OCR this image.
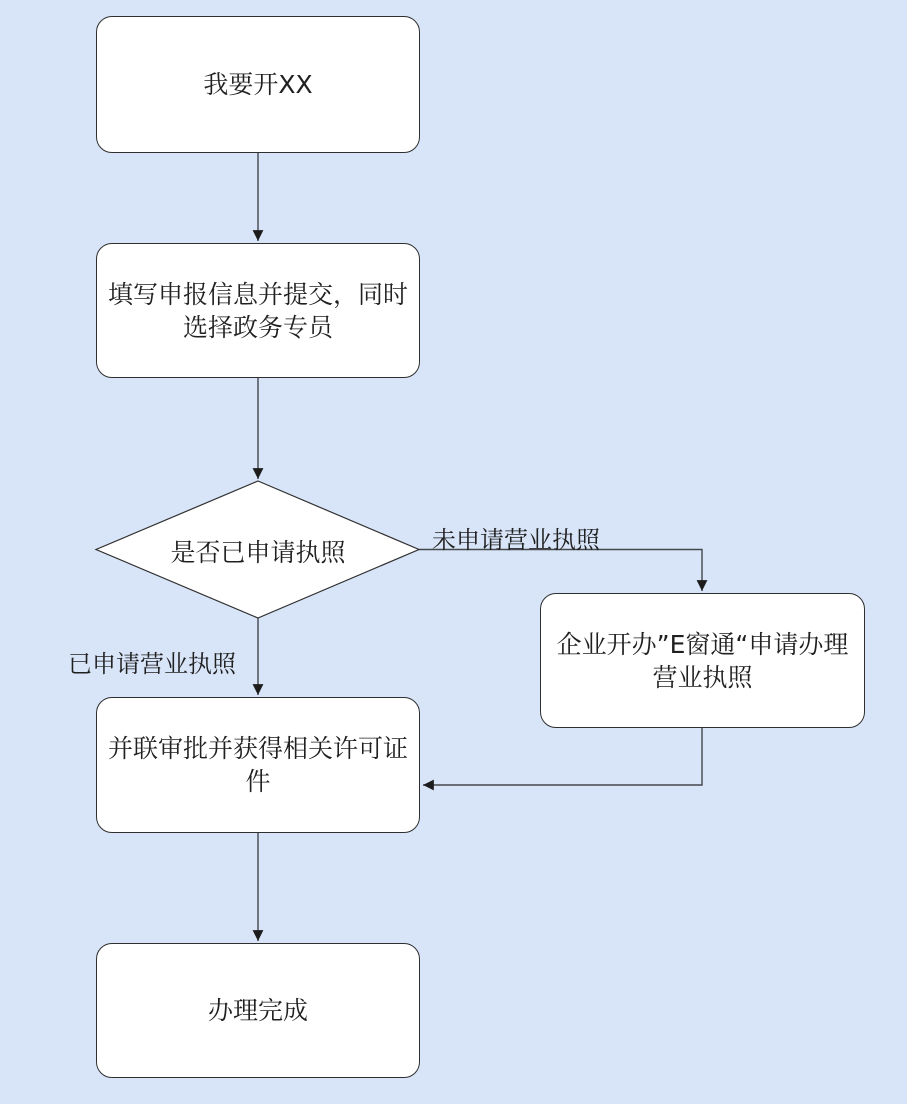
我要开XX
填写申报信息并提交，同时
选择政务专员
是否已申请执照
企业开办”E窗通“申请办理
营业执照
并联审批并获得相关许可证
件
办理完成
未申请营业执照
已申请营业执照
